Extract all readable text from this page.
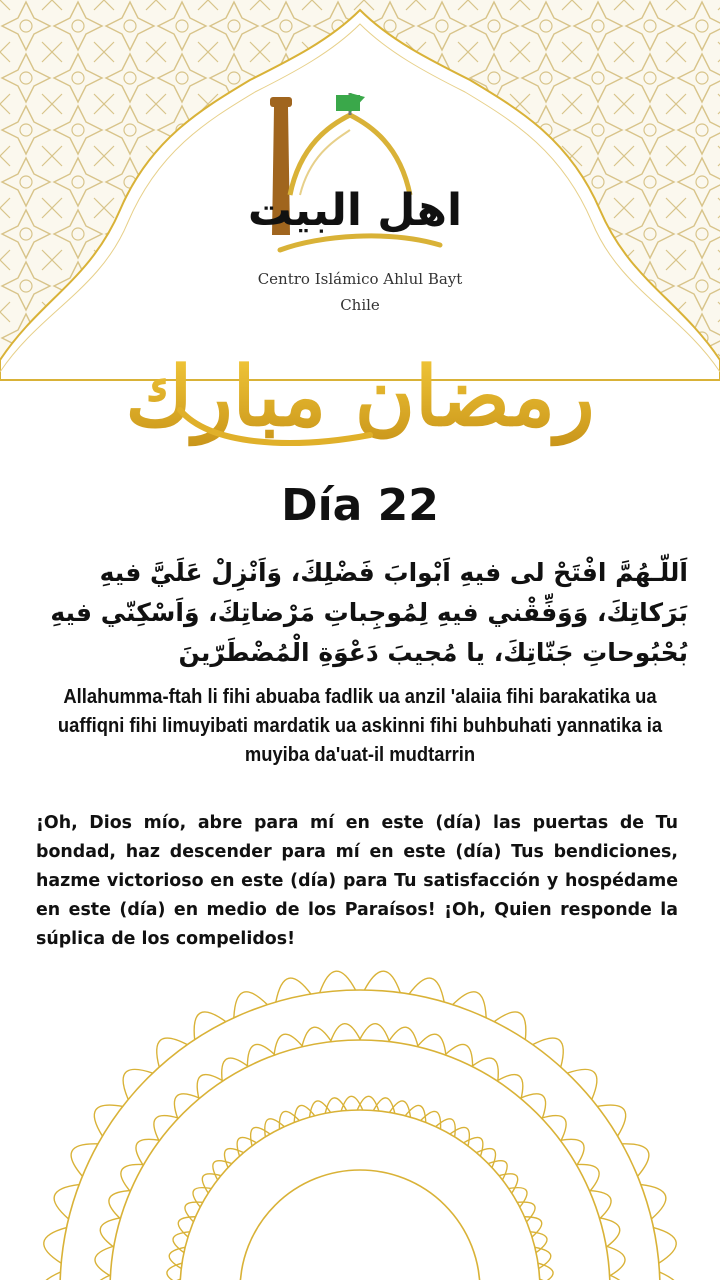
اهل البيت
Centro Islámico Ahlul Bayt
Chile
رمضان مبارك
Día 22
اَللّـهُمَّ افْتَحْ لى فيهِ اَبْوابَ فَضْلِكَ، وَاَنْزِلْ عَلَيَّ فيهِ بَرَكاتِكَ، وَوَفِّقْني فيهِ لِمُوجِباتِ مَرْضاتِكَ، وَاَسْكِنّي فيهِ بُحْبُوحاتِ جَنّاتِكَ، يا مُجيبَ دَعْوَةِ الْمُضْطَرّينَ
Allahumma-ftah li fihi abuaba fadlik ua anzil 'alaiia fihi barakatika ua uaffiqni fihi limuyibati mardatik ua askinni fihi buhbuhati yannatika ia muyiba da'uat-il mudtarrin
¡Oh, Dios mío, abre para mí en este (día) las puertas de Tu bondad, haz descender para mí en este (día) Tus bendiciones, hazme victorioso en este (día) para Tu satisfacción y hospédame en este (día) en medio de los Paraísos! ¡Oh, Quien responde la súplica de los compelidos!
